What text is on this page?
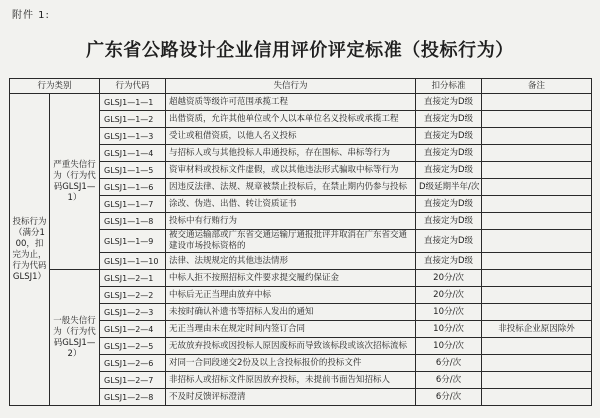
附件 1:
广东省公路设计企业信用评价评定标准（投标行为）
行为类别		行为代码	失信行为	扣分标准	备注
投标行为（满分100，扣完为止，行为代码GLSJ1）	严重失信行为（行为代码GLSJ1—1）	GLSJ1—1—1	超越资质等级许可范围承揽工程	直接定为D级	
		GLSJ1—1—2	出借资质，允许其他单位或个人以本单位名义投标或承揽工程	直接定为D级	
		GLSJ1—1—3	受让或租借资质，以他人名义投标	直接定为D级	
		GLSJ1—1—4	与招标人或与其他投标人串通投标，存在围标、串标等行为	直接定为D级	
		GLSJ1—1—5	资审材料或投标文件虚假，或以其他违法形式骗取中标等行为	直接定为D级	
		GLSJ1—1—6	因违反法律、法规、规章被禁止投标后，在禁止期内仍参与投标	D级延期半年/次	
		GLSJ1—1—7	涂改、伪造、出借、转让资质证书	直接定为D级	
		GLSJ1—1—8	投标中有行贿行为	直接定为D级	
		GLSJ1—1—9	被交通运输部或广东省交通运输厅通报批评并取消在广东省交通建设市场投标资格的	直接定为D级	
		GLSJ1—1—10	法律、法规规定的其他违法情形	直接定为D级	
	一般失信行为（行为代码GLSJ1—2）	GLSJ1—2—1	中标人拒不按照招标文件要求提交履约保证金	20分/次	
		GLSJ1—2—2	中标后无正当理由放弃中标	20分/次	
		GLSJ1—2—3	未按时确认补遗书等招标人发出的通知	10分/次	
		GLSJ1—2—4	无正当理由未在规定时间内签订合同	10分/次	非投标企业原因除外
		GLSJ1—2—5	无故放弃投标或因投标人原因废标而导致该标段或该次招标流标	10分/次	
		GLSJ1—2—6	对同一合同段递交2份及以上含投标报价的投标文件	6分/次	
		GLSJ1—2—7	非招标人或招标文件原因放弃投标，未提前书面告知招标人	6分/次	
		GLSJ1—2—8	不及时反馈评标澄清	6分/次	
